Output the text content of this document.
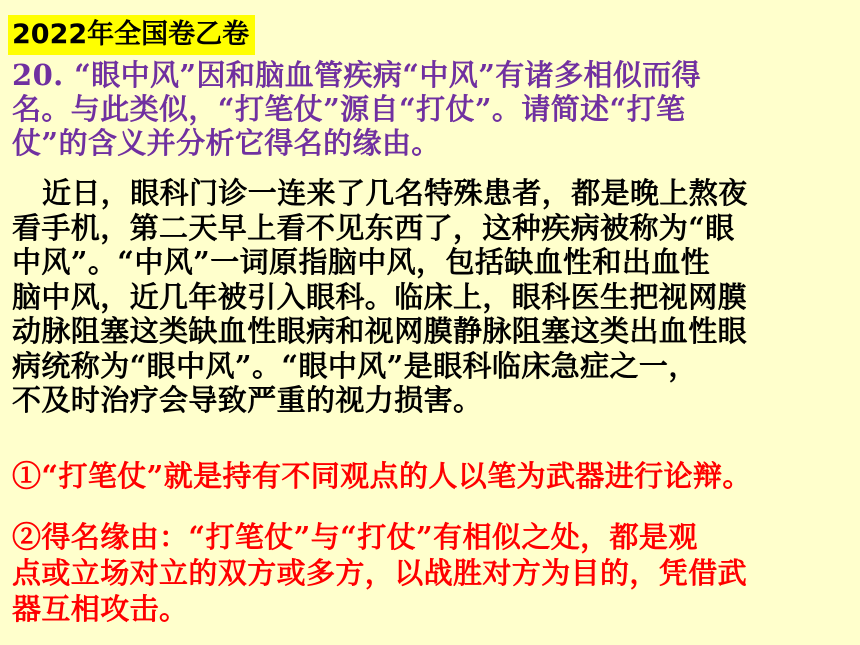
2022年全国卷乙卷
20. “眼中风”因和脑血管疾病“中风”有诸多相似而得
名。与此类似，“打笔仗”源自“打仗”。请简述“打笔
仗”的含义并分析它得名的缘由。
近日，眼科门诊一连来了几名特殊患者，都是晚上熬夜
看手机，第二天早上看不见东西了，这种疾病被称为“眼
中风”。“中风”一词原指脑中风，包括缺血性和出血性
脑中风，近几年被引入眼科。临床上，眼科医生把视网膜
动脉阻塞这类缺血性眼病和视网膜静脉阻塞这类出血性眼
病统称为“眼中风”。“眼中风”是眼科临床急症之一，
不及时治疗会导致严重的视力损害。
①“打笔仗”就是持有不同观点的人以笔为武器进行论辩。
②得名缘由：“打笔仗”与“打仗”有相似之处，都是观
点或立场对立的双方或多方，以战胜对方为目的，凭借武
器互相攻击。
